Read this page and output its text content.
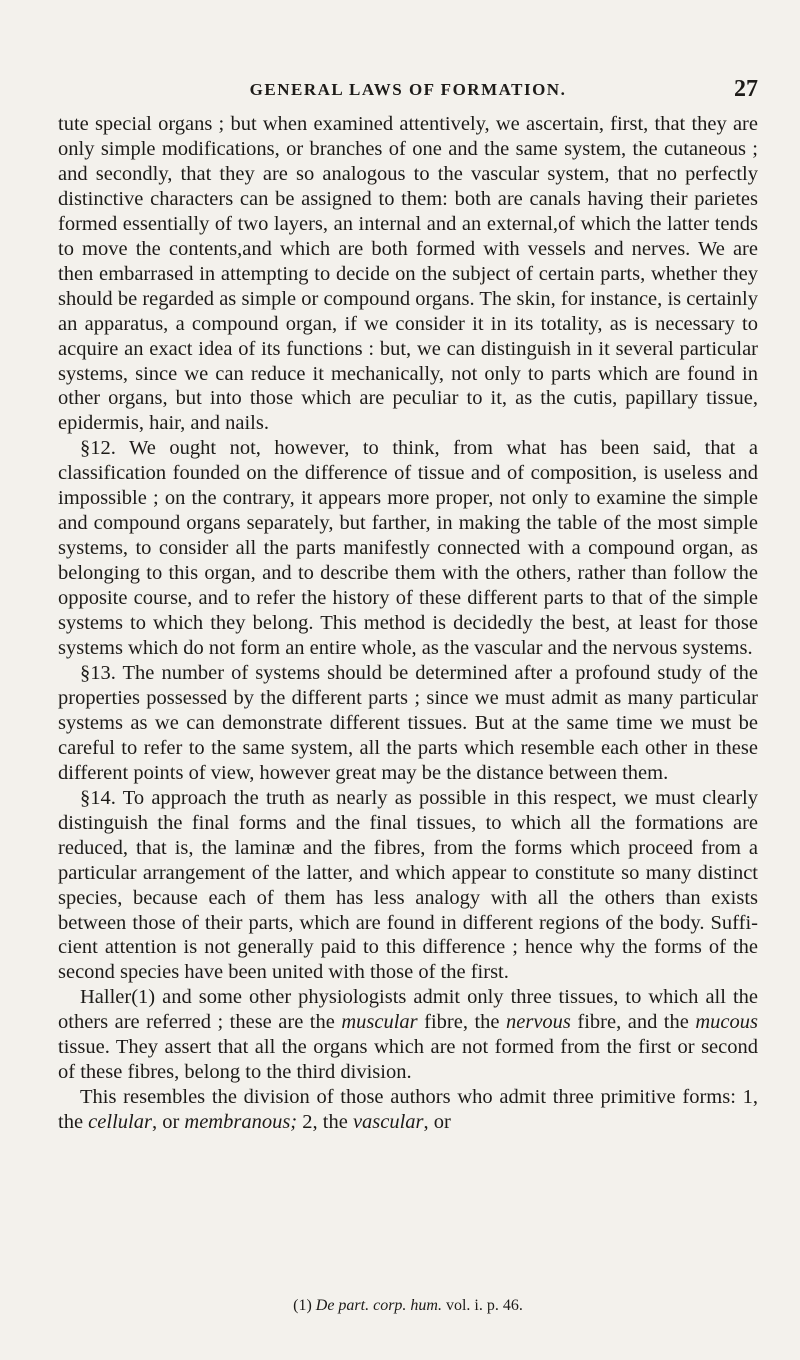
GENERAL LAWS OF FORMATION.	27

tute special organs ; but when examined attentively, we ascertain, first, that they are only simple modifications, or branches of one and the same system, the cutaneous ; and secondly, that they are so analogous to the vascular system, that no perfectly distinctive characters can be assigned to them: both are canals having their parietes formed essentially of two layers, an internal and an external,of which the latter tends to move the contents,and which are both formed with vessels and nerves. We are then embarrased in attempting to decide on the subject of certain parts, whether they should be regarded as simple or compound organs. The skin, for instance, is certainly an apparatus, a compound organ, if we consider it in its totality, as is necessary to acquire an exact idea of its functions : but, we can distinguish in it several particular systems, since we can reduce it mechanically, not only to parts which are found in other organs, but into those which are peculiar to it, as the cutis, papillary tissue, epidermis, hair, and nails.

§12. We ought not, however, to think, from what has been said, that a classification founded on the difference of tissue and of composition, is useless and impossible ; on the contrary, it appears more proper, not only to examine the simple and compound organs separately, but farther, in making the table of the most simple systems, to consider all the parts manifestly connected with a compound organ, as belonging to this organ, and to describe them with the others, rather than follow the opposite course, and to refer the history of these different parts to that of the simple systems to which they belong. This method is decidedly the best, at least for those systems which do not form an entire whole, as the vascular and the nervous systems.

§13. The number of systems should be determined after a profound study of the properties possessed by the different parts ; since we must admit as many particular systems as we can demonstrate different tissues. But at the same time we must be careful to refer to the same system, all the parts which resemble each other in these different points of view, however great may be the distance between them.

§14. To approach the truth as nearly as possible in this respect, we must clearly distinguish the final forms and the final tissues, to which all the formations are reduced, that is, the laminæ and the fibres, from the forms which proceed from a particular arrangement of the latter, and which appear to constitute so many distinct species, because each of them has less analogy with all the others than exists between those of their parts, which are found in different regions of the body. Sufficient attention is not generally paid to this difference ; hence why the forms of the second species have been united with those of the first.

Haller(1) and some other physiologists admit only three tissues, to which all the others are referred ; these are the muscular fibre, the nervous fibre, and the mucous tissue. They assert that all the organs which are not formed from the first or second of these fibres, belong to the third division.

This resembles the division of those authors who admit three primitive forms: 1, the cellular, or membranous; 2, the vascular, or

(1) De part. corp. hum. vol. i. p. 46.
